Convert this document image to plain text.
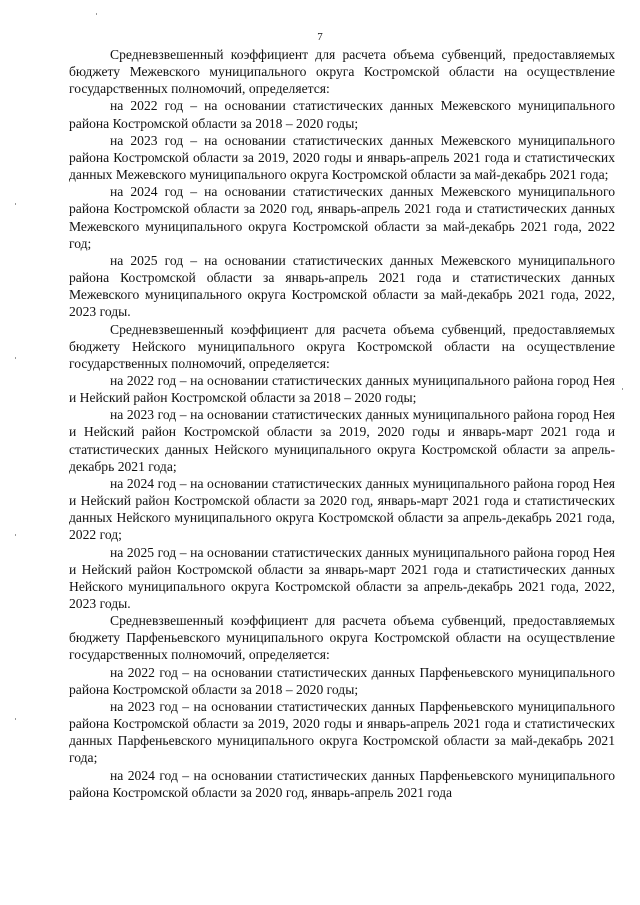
7

Средневзвешенный коэффициент для расчета объема субвенций, предоставляемых бюджету Межевского муниципального округа Костромской области на осуществление государственных полномочий, определяется:

на 2022 год – на основании статистических данных Межевского муниципального района Костромской области за 2018 – 2020 годы;

на 2023 год – на основании статистических данных Межевского муниципального района Костромской области за 2019, 2020 годы и январь-апрель 2021 года и статистических данных Межевского муниципального округа Костромской области за май-декабрь 2021 года;

на 2024 год – на основании статистических данных Межевского муниципального района Костромской области за 2020 год, январь-апрель 2021 года и статистических данных Межевского муниципального округа Костромской области за май-декабрь 2021 года, 2022 год;

на 2025 год – на основании статистических данных Межевского муниципального района Костромской области за январь-апрель 2021 года и статистических данных Межевского муниципального округа Костромской области за май-декабрь 2021 года, 2022, 2023 годы.

Средневзвешенный коэффициент для расчета объема субвенций, предоставляемых бюджету Нейского муниципального округа Костромской области на осуществление государственных полномочий, определяется:

на 2022 год – на основании статистических данных муниципального района город Нея и Нейский район Костромской области за 2018 – 2020 годы;

на 2023 год – на основании статистических данных муниципального района город Нея и Нейский район Костромской области за 2019, 2020 годы и январь-март 2021 года и статистических данных Нейского муниципального округа Костромской области за апрель-декабрь 2021 года;

на 2024 год – на основании статистических данных муниципального района город Нея и Нейский район Костромской области за 2020 год, январь-март 2021 года и статистических данных Нейского муниципального округа Костромской области за апрель-декабрь 2021 года, 2022 год;

на 2025 год – на основании статистических данных муниципального района город Нея и Нейский район Костромской области за январь-март 2021 года и статистических данных Нейского муниципального округа Костромской области за апрель-декабрь 2021 года, 2022, 2023 годы.

Средневзвешенный коэффициент для расчета объема субвенций, предоставляемых бюджету Парфеньевского муниципального округа Костромской области на осуществление государственных полномочий, определяется:

на 2022 год – на основании статистических данных Парфеньевского муниципального района Костромской области за 2018 – 2020 годы;

на 2023 год – на основании статистических данных Парфеньевского муниципального района Костромской области за 2019, 2020 годы и январь-апрель 2021 года и статистических данных Парфеньевского муниципального округа Костромской области за май-декабрь 2021 года;

на 2024 год – на основании статистических данных Парфеньевского муниципального района Костромской области за 2020 год, январь-апрель 2021 года
